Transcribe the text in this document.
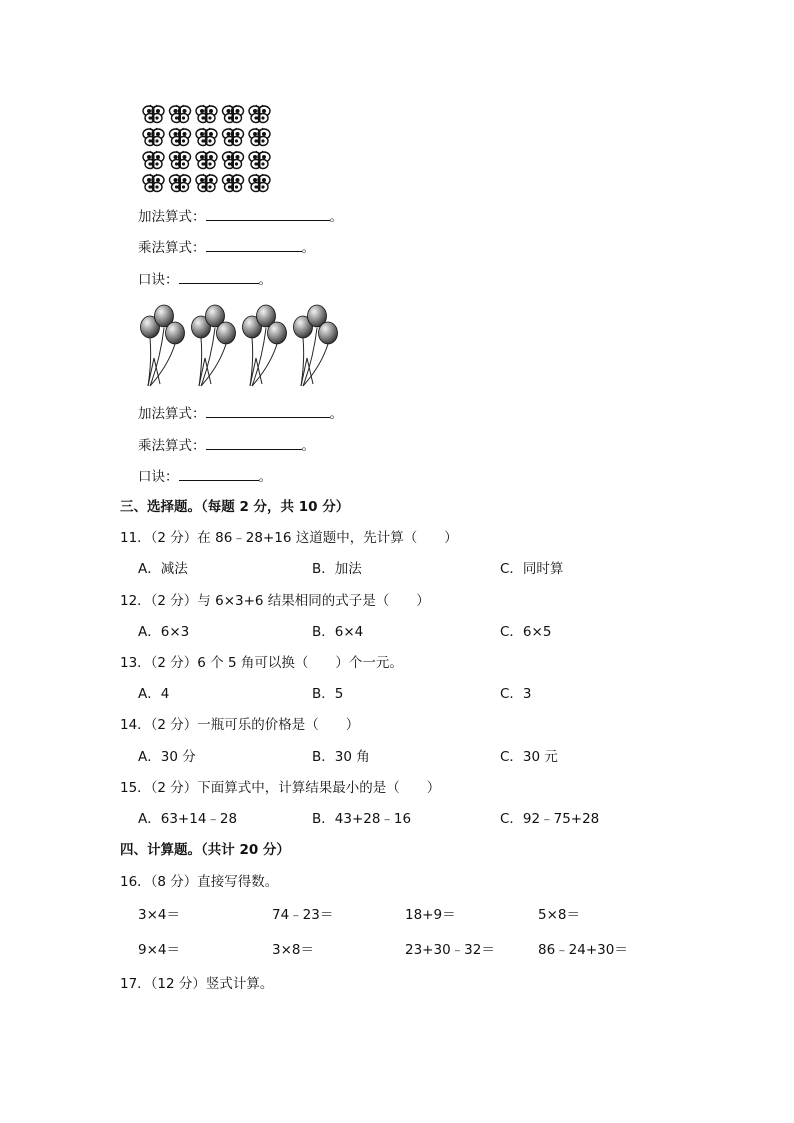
加法算式：	。
乘法算式：	。
口诀：	。
加法算式：	。
乘法算式：	。
口诀：	。
三、选择题。（每题 2 分，共 10 分）
11．（2 分）在 86﹣28+16 这道题中，先计算（　　）
A．减法	B．加法	C．同时算
12．（2 分）与 6×3+6 结果相同的式子是（　　）
A．6×3	B．6×4	C．6×5
13．（2 分）6 个 5 角可以换（　　）个一元。
A．4	B．5	C．3
14．（2 分）一瓶可乐的价格是（　　）
A．30 分	B．30 角	C．30 元
15．（2 分）下面算式中，计算结果最小的是（　　）
A．63+14﹣28	B．43+28﹣16	C．92﹣75+28
四、计算题。（共计 20 分）
16．（8 分）直接写得数。
3×4＝	74﹣23＝	18+9＝	5×8＝
9×4＝	3×8＝	23+30﹣32＝	86﹣24+30＝
17．（12 分）竖式计算。
